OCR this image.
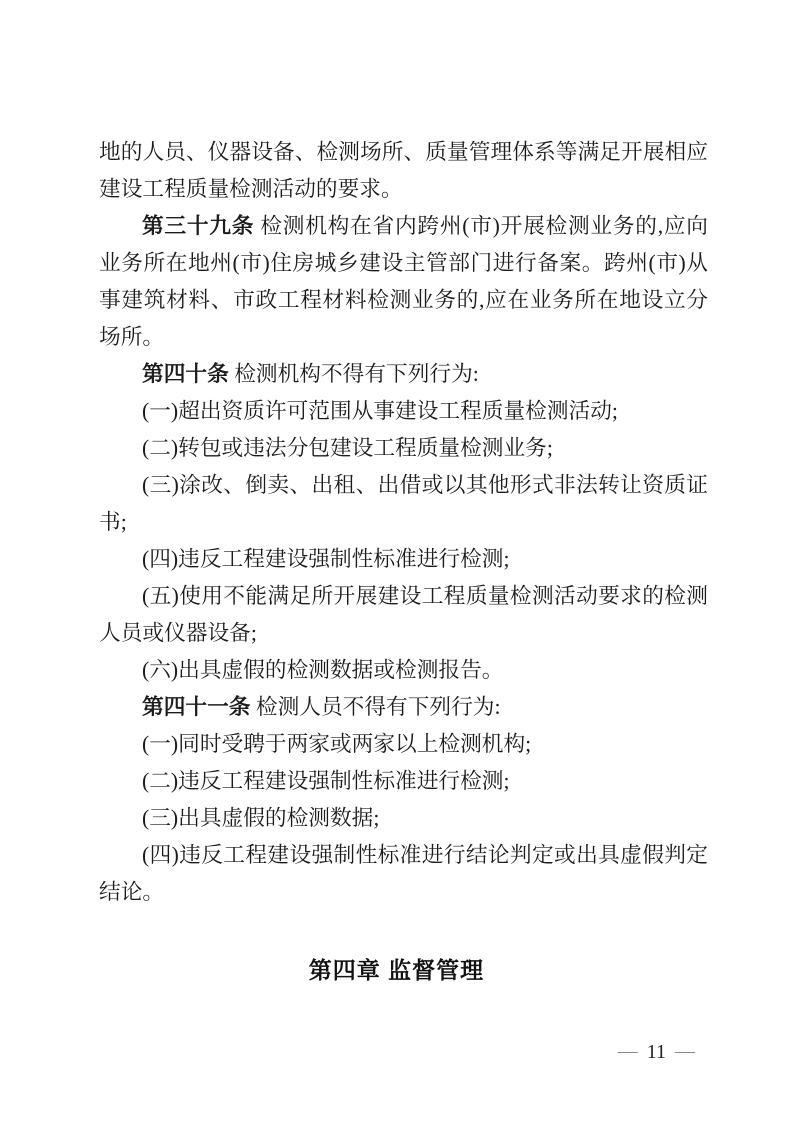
地的人员、仪器设备、检测场所、质量管理体系等满足开展相应建设工程质量检测活动的要求。

第三十九条 检测机构在省内跨州(市)开展检测业务的,应向业务所在地州(市)住房城乡建设主管部门进行备案。跨州(市)从事建筑材料、市政工程材料检测业务的,应在业务所在地设立分场所。

第四十条 检测机构不得有下列行为:

(一)超出资质许可范围从事建设工程质量检测活动;

(二)转包或违法分包建设工程质量检测业务;

(三)涂改、倒卖、出租、出借或以其他形式非法转让资质证书;

(四)违反工程建设强制性标准进行检测;

(五)使用不能满足所开展建设工程质量检测活动要求的检测人员或仪器设备;

(六)出具虚假的检测数据或检测报告。

第四十一条 检测人员不得有下列行为:

(一)同时受聘于两家或两家以上检测机构;

(二)违反工程建设强制性标准进行检测;

(三)出具虚假的检测数据;

(四)违反工程建设强制性标准进行结论判定或出具虚假判定结论。

第四章 监督管理
— 11 —
